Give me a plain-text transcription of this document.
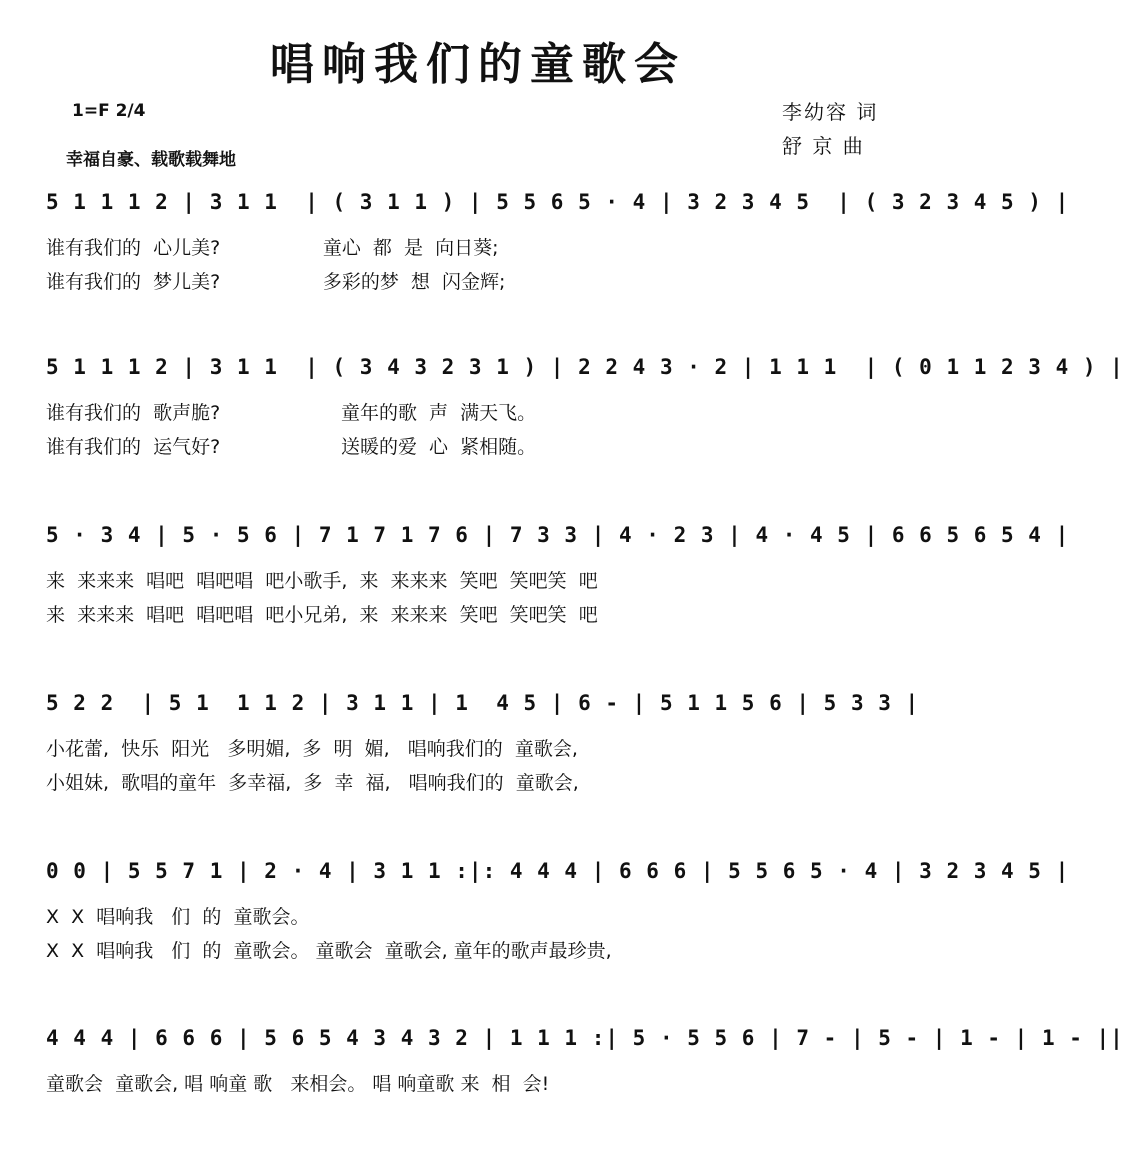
唱响我们的童歌会
1=F 2/4
幸福自豪、载歌载舞地
李幼容 词
舒 京 曲
5 1 1 1 2 | 3 1 1  | ( 3 1 1 ) | 5 5 6 5 · 4 | 3 2 3 4 5  | ( 3 2 3 4 5 ) |
谁有我们的  心儿美?                 童心  都  是  向日葵;
谁有我们的  梦儿美?                 多彩的梦  想  闪金辉;
5 1 1 1 2 | 3 1 1  | ( 3 4 3 2 3 1 ) | 2 2 4 3 · 2 | 1 1 1  | ( 0 1 1 2 3 4 ) |
谁有我们的  歌声脆?                    童年的歌  声  满天飞。
谁有我们的  运气好?                    送暖的爱  心  紧相随。
5 · 3 4 | 5 · 5 6 | 7 1 7 1 7 6 | 7 3 3 | 4 · 2 3 | 4 · 4 5 | 6 6 5 6 5 4 |
来  来来来  唱吧  唱吧唱  吧小歌手,  来  来来来  笑吧  笑吧笑  吧
来  来来来  唱吧  唱吧唱  吧小兄弟,  来  来来来  笑吧  笑吧笑  吧
5 2 2  | 5 1  1 1 2 | 3 1 1 | 1  4 5 | 6 - | 5 1 1 5 6 | 5 3 3 |
小花蕾,  快乐  阳光   多明媚,  多  明  媚,   唱响我们的  童歌会,
小姐妹,  歌唱的童年  多幸福,  多  幸  福,   唱响我们的  童歌会,
0 0 | 5 5 7 1 | 2 · 4 | 3 1 1 :|: 4 4 4 | 6 6 6 | 5 5 6 5 · 4 | 3 2 3 4 5 |
X  X  唱响我   们  的  童歌会。
X  X  唱响我   们  的  童歌会。 童歌会  童歌会, 童年的歌声最珍贵,
4 4 4 | 6 6 6 | 5 6 5 4 3 4 3 2 | 1 1 1 :| 5 · 5 5 6 | 7 - | 5 - | 1 - | 1 - ||
童歌会  童歌会, 唱 响童 歌   来相会。 唱 响童歌 来  相  会!
